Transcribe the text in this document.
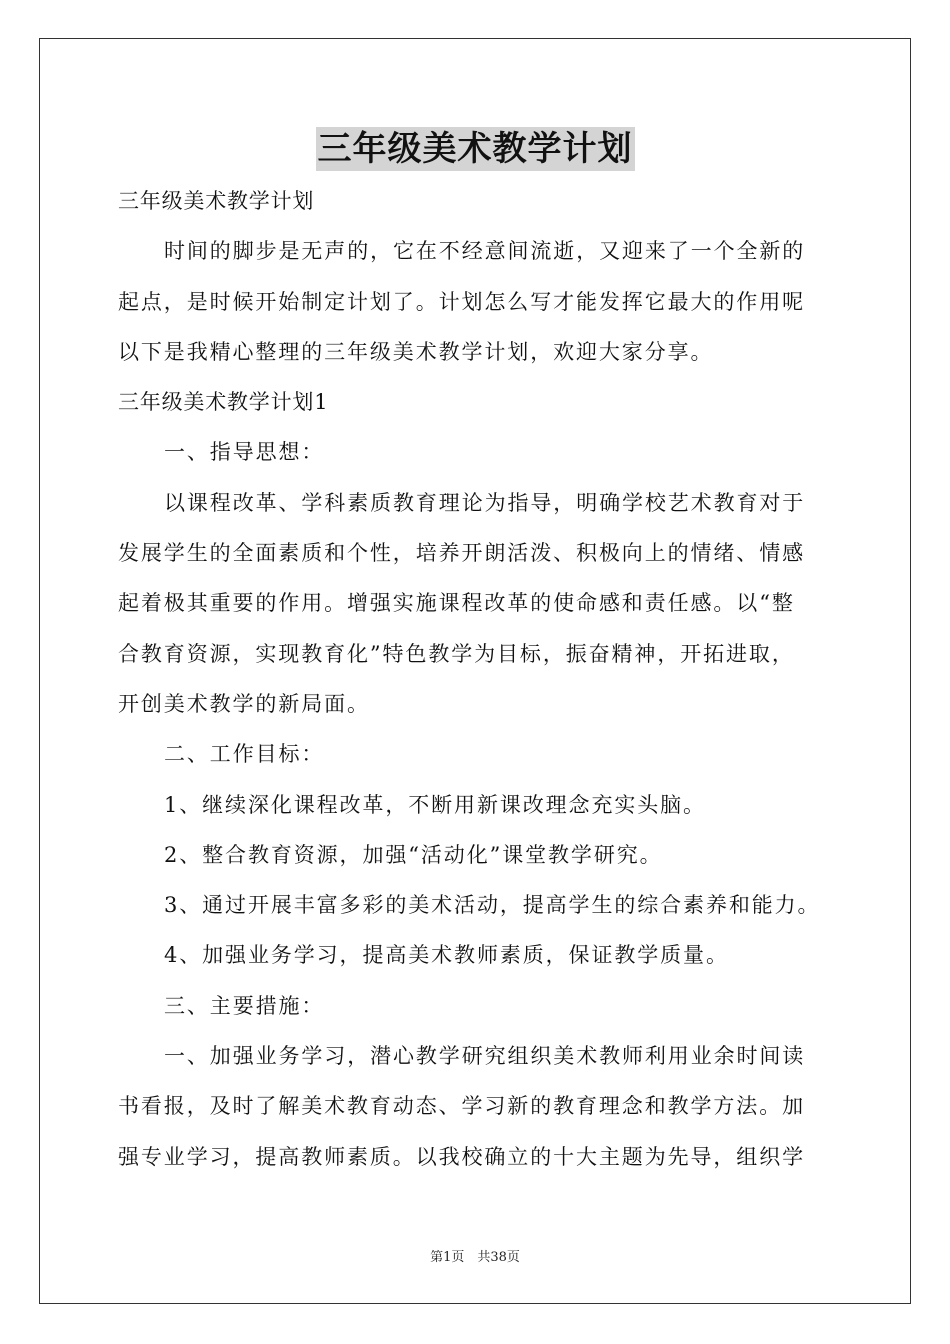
三年级美术教学计划

三年级美术教学计划

时间的脚步是无声的，它在不经意间流逝，又迎来了一个全新的

起点，是时候开始制定计划了。计划怎么写才能发挥它最大的作用呢

以下是我精心整理的三年级美术教学计划，欢迎大家分享。

三年级美术教学计划1

一、指导思想：

以课程改革、学科素质教育理论为指导，明确学校艺术教育对于

发展学生的全面素质和个性，培养开朗活泼、积极向上的情绪、情感

起着极其重要的作用。增强实施课程改革的使命感和责任感。以“整

合教育资源，实现教育化”特色教学为目标，振奋精神，开拓进取，

开创美术教学的新局面。

二、工作目标：

1、继续深化课程改革，不断用新课改理念充实头脑。

2、整合教育资源，加强“活动化”课堂教学研究。

3、通过开展丰富多彩的美术活动，提高学生的综合素养和能力。

4、加强业务学习，提高美术教师素质，保证教学质量。

三、主要措施：

一、加强业务学习，潜心教学研究组织美术教师利用业余时间读

书看报，及时了解美术教育动态、学习新的教育理念和教学方法。加

强专业学习，提高教师素质。以我校确立的十大主题为先导，组织学

第1页　共38页
